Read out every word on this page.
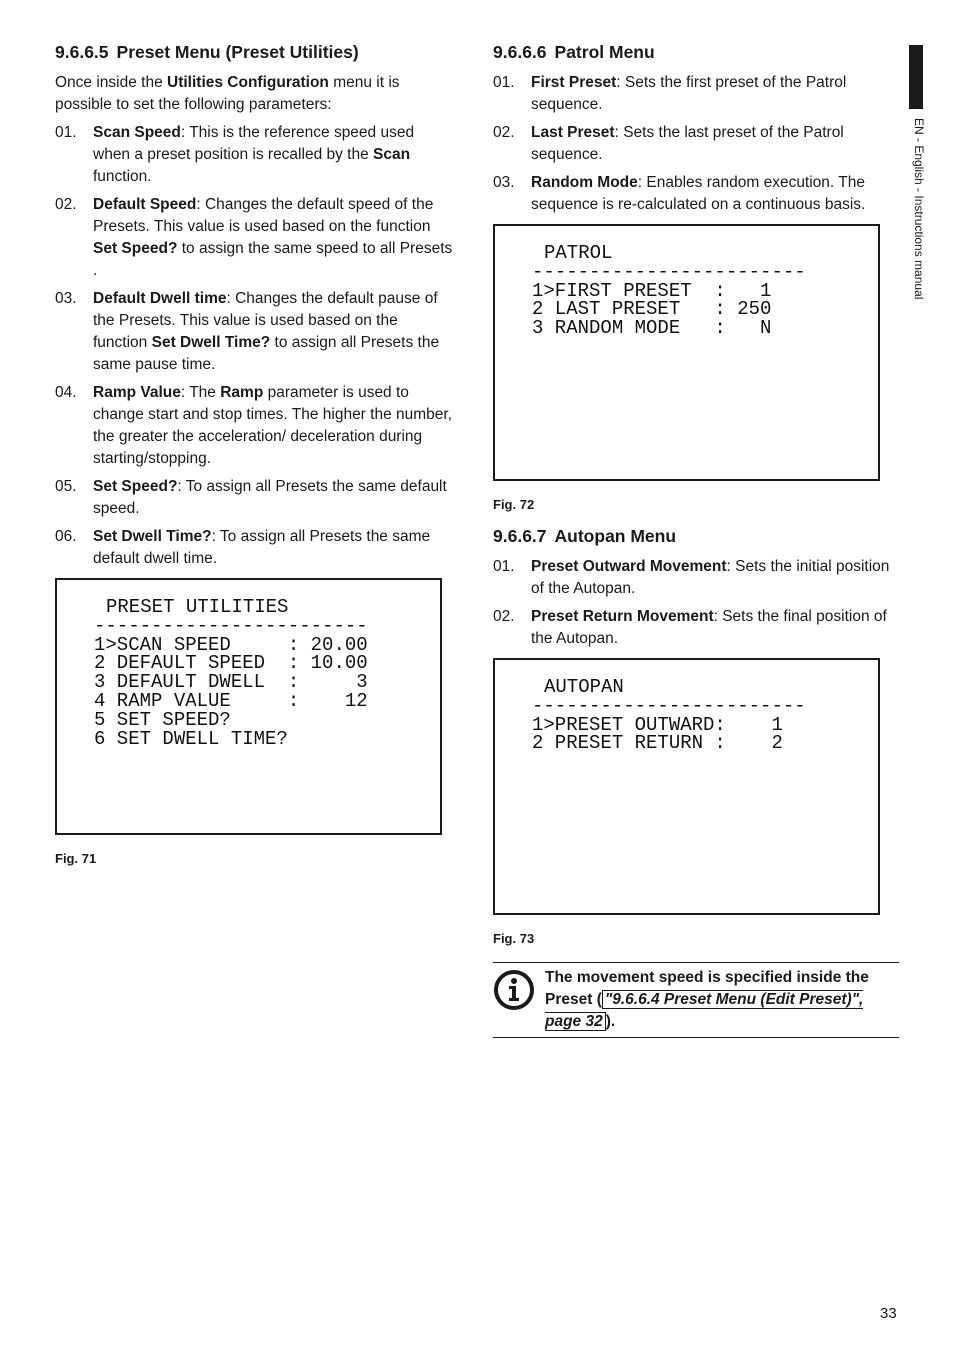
9.6.6.5 Preset Menu (Preset Utilities)

Once inside the Utilities Configuration menu it is possible to set the following parameters:

01. Scan Speed: This is the reference speed used when a preset position is recalled by the Scan function.
02. Default Speed: Changes the default speed of the Presets. This value is used based on the function Set Speed? to assign the same speed to all Presets .
03. Default Dwell time: Changes the default pause of the Presets. This value is used based on the function Set Dwell Time? to assign all Presets the same pause time.
04. Ramp Value: The Ramp parameter is used to change start and stop times. The higher the number, the greater the acceleration/ deceleration during starting/stopping.
05. Set Speed?: To assign all Presets the same default speed.
06. Set Dwell Time?: To assign all Presets the same default dwell time.
PRESET UTILITIES
------------------------
1>SCAN SPEED     : 20.00
2 DEFAULT SPEED  : 10.00
3 DEFAULT DWELL  :     3
4 RAMP VALUE     :    12
5 SET SPEED?
6 SET DWELL TIME?
Fig. 71
9.6.6.6 Patrol Menu
01. First Preset: Sets the first preset of the Patrol sequence.
02. Last Preset: Sets the last preset of the Patrol sequence.
03. Random Mode: Enables random execution. The sequence is re-calculated on a continuous basis.
PATROL
------------------------
1>FIRST PRESET  :   1
2 LAST PRESET   : 250
3 RANDOM MODE   :   N
Fig. 72
9.6.6.7 Autopan Menu
01. Preset Outward Movement: Sets the initial position of the Autopan.
02. Preset Return Movement: Sets the final position of the Autopan.
AUTOPAN
------------------------
1>PRESET OUTWARD:    1
2 PRESET RETURN :    2
Fig. 73
The movement speed is specified inside the Preset ( "9.6.6.4 Preset Menu (Edit Preset)", page 32 ).
EN - English - Instructions manual
33
